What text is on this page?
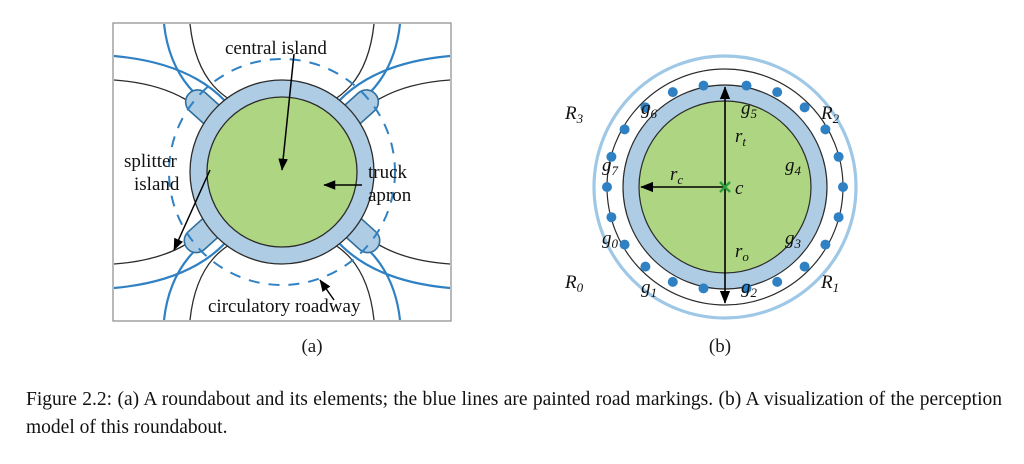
central island
splitter
island
truck
apron
circulatory roadway
$r_c$
$r_t$
$r_o$
c
$g_0$
$g_1$	$g_2$
$g_3$
$g_4$
$g_5$
$g_6$
$g_7$
$R_0$	$R_1$
$R_2$
$R_3$
(a)	(b)
Figure 2.2: (a) A roundabout and its elements; the blue lines are painted road markings. (b) A visualization of the perception model of this roundabout.
